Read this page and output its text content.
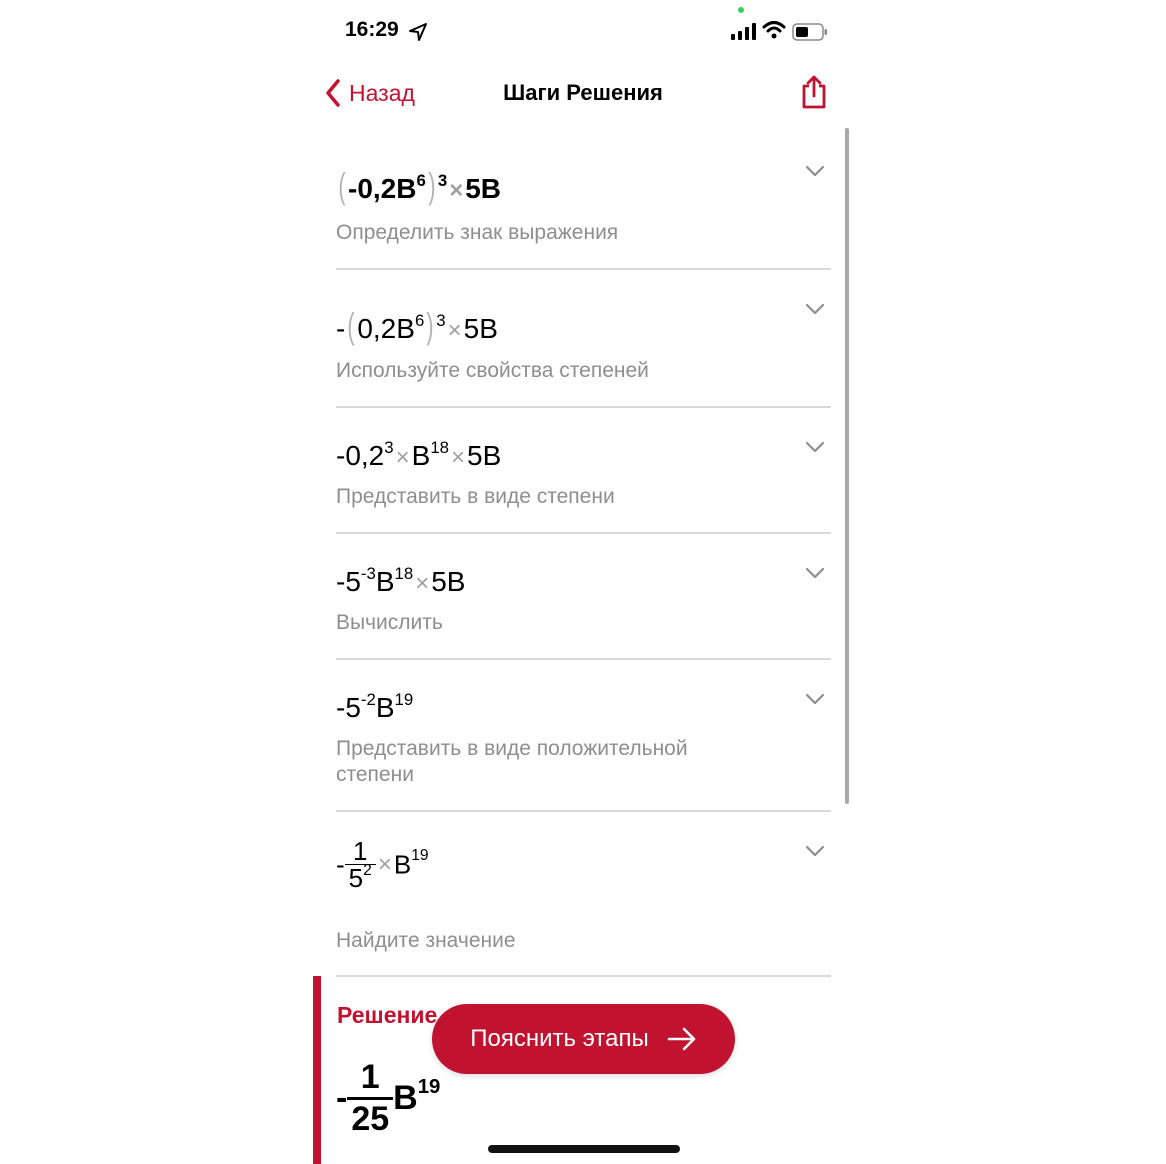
16:29
Назад	Шаги Решения
$(-0,2B^6)$ $^3$×5B
Определить знак выражения
$-(0,2B^6)$ $^3$×5B
Используйте свойства степеней
$-0,2^3\times B^{18}\times 5B$
Представить в виде степени
$-5^{-3}B^{18}\times 5B$
Вычислить
$-5^{-2}B^{19}$
Представить в виде положительной степени
- $\frac{1}{5^2} \times B^{19}$
Найдите значение
Решение
- $\frac{1}{25} B^{19}$
Пояснить этапы
